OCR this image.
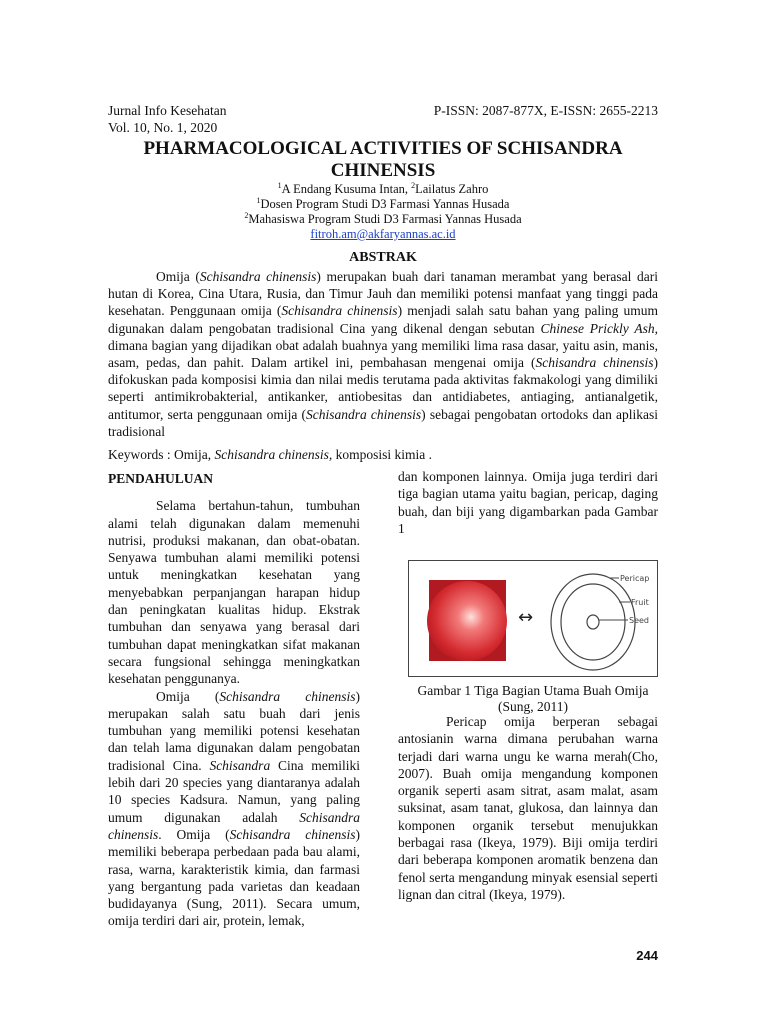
Jurnal Info Kesehatan
Vol. 10, No. 1, 2020
P-ISSN: 2087-877X, E-ISSN: 2655-2213
PHARMACOLOGICAL ACTIVITIES OF SCHISANDRA
CHINENSIS
$^1$A Endang Kusuma Intan, $^2$Lailatus Zahro
$^1$Dosen Program Studi D3 Farmasi Yannas Husada
$^2$Mahasiswa Program Studi D3 Farmasi Yannas Husada
fitroh.am@akfaryannas.ac.id
ABSTRAK

Omija (Schisandra chinensis) merupakan buah dari tanaman merambat yang berasal dari hutan di Korea, Cina Utara, Rusia, dan Timur Jauh dan memiliki potensi manfaat yang tinggi pada kesehatan. Penggunaan omija (Schisandra chinensis) menjadi salah satu bahan yang paling umum digunakan dalam pengobatan tradisional Cina yang dikenal dengan sebutan Chinese Prickly Ash, dimana bagian yang dijadikan obat adalah buahnya yang memiliki lima rasa dasar, yaitu asin, manis, asam, pedas, dan pahit. Dalam artikel ini, pembahasan mengenai omija (Schisandra chinensis) difokuskan pada komposisi kimia dan nilai medis terutama pada aktivitas fakmakologi yang dimiliki seperti antimikrobakterial, antikanker, antiobesitas dan antidiabetes, antiaging, antianalgetik, antitumor, serta penggunaan omija (Schisandra chinensis) sebagai pengobatan ortodoks dan aplikasi tradisional

Keywords : Omija, Schisandra chinensis, komposisi kimia .

PENDAHULUAN

Selama bertahun-tahun, tumbuhan alami telah digunakan dalam memenuhi nutrisi, produksi makanan, dan obat-obatan. Senyawa tumbuhan alami memiliki potensi untuk meningkatkan kesehatan yang menyebabkan perpanjangan harapan hidup dan peningkatan kualitas hidup. Ekstrak tumbuhan dan senyawa yang berasal dari tumbuhan dapat meningkatkan sifat makanan secara fungsional sehingga meningkatkan kesehatan penggunanya.

Omija (Schisandra chinensis) merupakan salah satu buah dari jenis tumbuhan yang memiliki potensi kesehatan dan telah lama digunakan dalam pengobatan tradisional Cina. Schisandra Cina memiliki lebih dari 20 species yang diantaranya adalah 10 species Kadsura. Namun, yang paling umum digunakan adalah Schisandra chinensis. Omija (Schisandra chinensis) memiliki beberapa perbedaan pada bau alami, rasa, warna, karakteristik kimia, dan farmasi yang bergantung pada varietas dan keadaan budidayanya (Sung, 2011). Secara umum, omija terdiri dari air, protein, lemak,

dan komponen lainnya. Omija juga terdiri dari tiga bagian utama yaitu bagian, pericap, daging buah, dan biji yang digambarkan pada Gambar 1

↔
Pericap
Fruit
Seed
Gambar 1 Tiga Bagian Utama Buah Omija
(Sung, 2011)

Pericap omija berperan sebagai antosianin warna dimana perubahan warna terjadi dari warna ungu ke warna merah(Cho, 2007). Buah omija mengandung komponen organik seperti asam sitrat, asam malat, asam suksinat, asam tanat, glukosa, dan lainnya dan komponen organik tersebut menujukkan berbagai rasa (Ikeya, 1979). Biji omija terdiri dari beberapa komponen aromatik benzena dan fenol serta mengandung minyak esensial seperti lignan dan citral (Ikeya, 1979).

244
